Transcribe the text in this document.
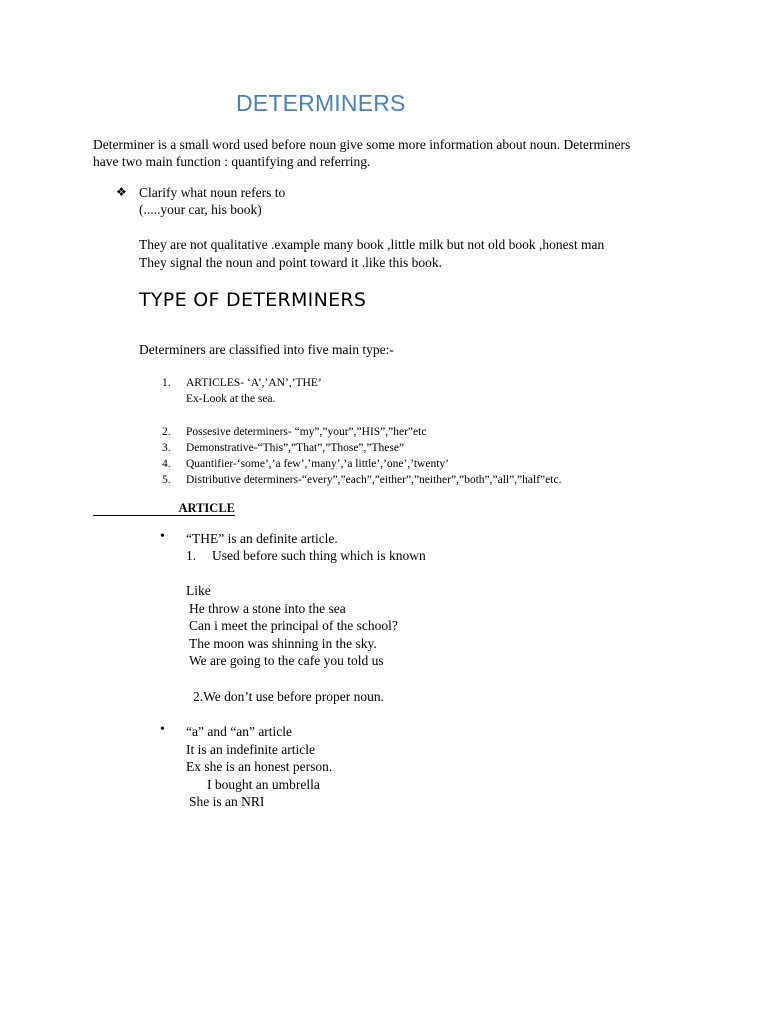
DETERMINERS
Determiner is a small word used before noun give some more information about noun. Determiners
have two main function : quantifying and referring.
❖ Clarify what noun refers to
(.....your car, his book)
They are not qualitative .example many book ,little milk but not old book ,honest man
They signal the noun and point toward it .like this book.
TYPE OF DETERMINERS
Determiners are classified into five main type:-
1. ARTICLES- ‘A’,’AN’,’THE’
Ex-Look at the sea.
2. Possesive determiners- “my”,”your”,”HIS”,”her”etc
3. Demonstrative-“This”,”That”,”Those”,”These”
4. Quantifier-‘some’,’a few’,’many’,’a little’,’one’,’twenty’
5. Distributive determiners-“every”,”each”,”either”,”neither”,”both”,”all”,”half”etc.
ARTICLE
• “THE” is an definite article.
1. Used before such thing which is known
Like
He throw a stone into the sea
Can i meet the principal of the school?
The moon was shinning in the sky.
We are going to the cafe you told us
2.We don’t use before proper noun.
• “a” and “an” article
It is an indefinite article
Ex she is an honest person.
I bought an umbrella
She is an NRI
